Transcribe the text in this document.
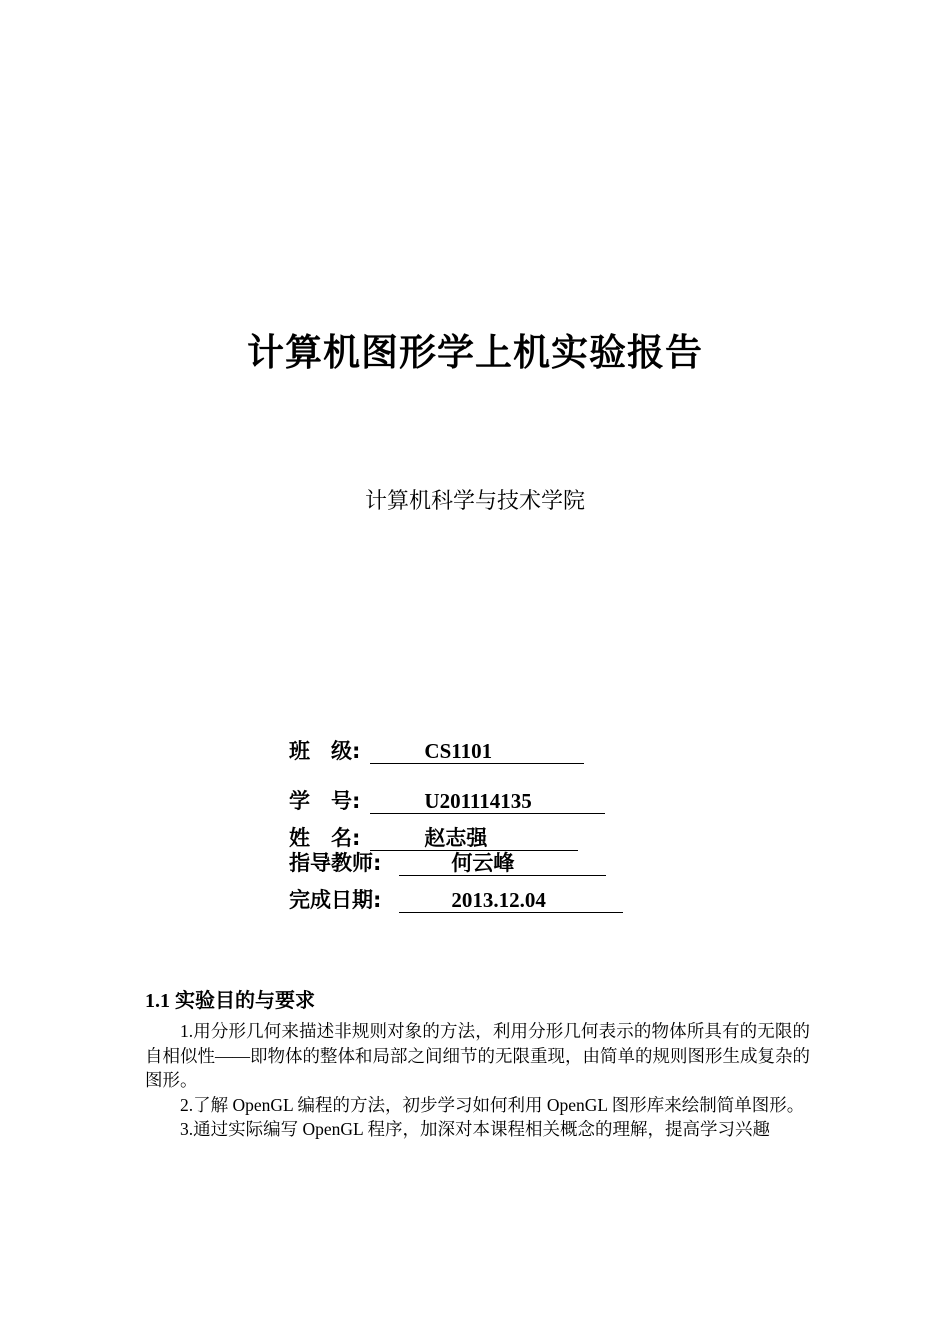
计算机图形学上机实验报告
计算机科学与技术学院
班　级:	CS1101
学　号:	U201114135
姓　名:	赵志强
指导教师:	何云峰
完成日期:	2013.12.04
1.1 实验目的与要求

1.用分形几何来描述非规则对象的方法，利用分形几何表示的物体所具有的无限的自相似性——即物体的整体和局部之间细节的无限重现，由简单的规则图形生成复杂的图形。

2.了解 OpenGL 编程的方法，初步学习如何利用 OpenGL 图形库来绘制简单图形。

3.通过实际编写 OpenGL 程序，加深对本课程相关概念的理解，提高学习兴趣
